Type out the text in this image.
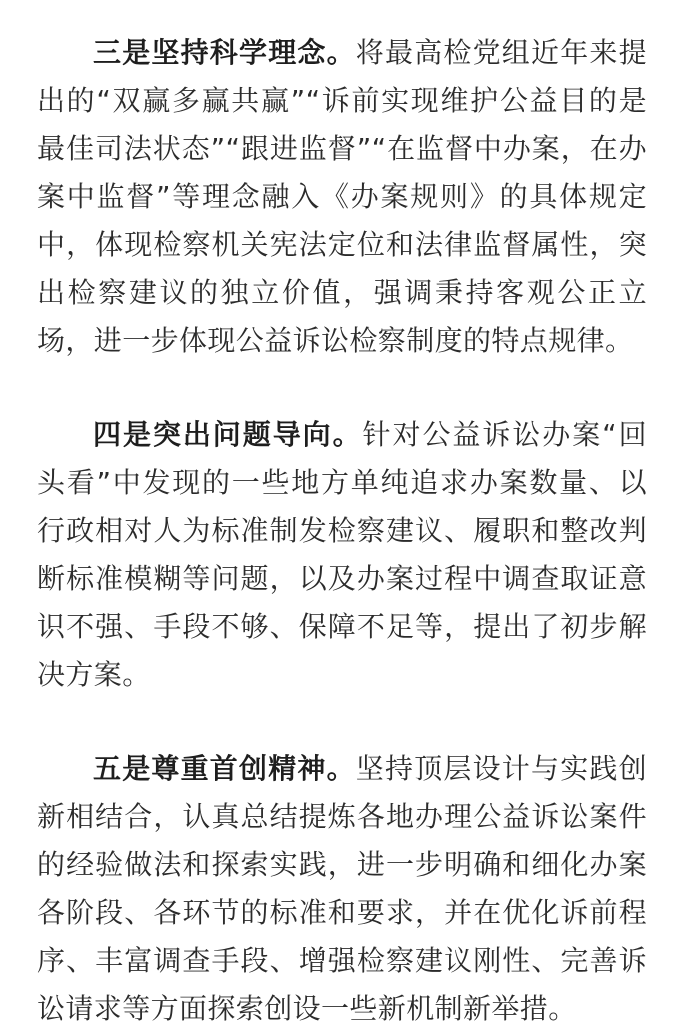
三是坚持科学理念。将最高检党组近年来提出的“双赢多赢共赢”“诉前实现维护公益目的是最佳司法状态”“跟进监督”“在监督中办案，在办案中监督”等理念融入《办案规则》的具体规定中，体现检察机关宪法定位和法律监督属性，突出检察建议的独立价值，强调秉持客观公正立场，进一步体现公益诉讼检察制度的特点规律。

四是突出问题导向。针对公益诉讼办案“回头看”中发现的一些地方单纯追求办案数量、以行政相对人为标准制发检察建议、履职和整改判断标准模糊等问题，以及办案过程中调查取证意识不强、手段不够、保障不足等，提出了初步解决方案。

五是尊重首创精神。坚持顶层设计与实践创新相结合，认真总结提炼各地办理公益诉讼案件的经验做法和探索实践，进一步明确和细化办案各阶段、各环节的标准和要求，并在优化诉前程序、丰富调查手段、增强检察建议刚性、完善诉讼请求等方面探索创设一些新机制新举措。
